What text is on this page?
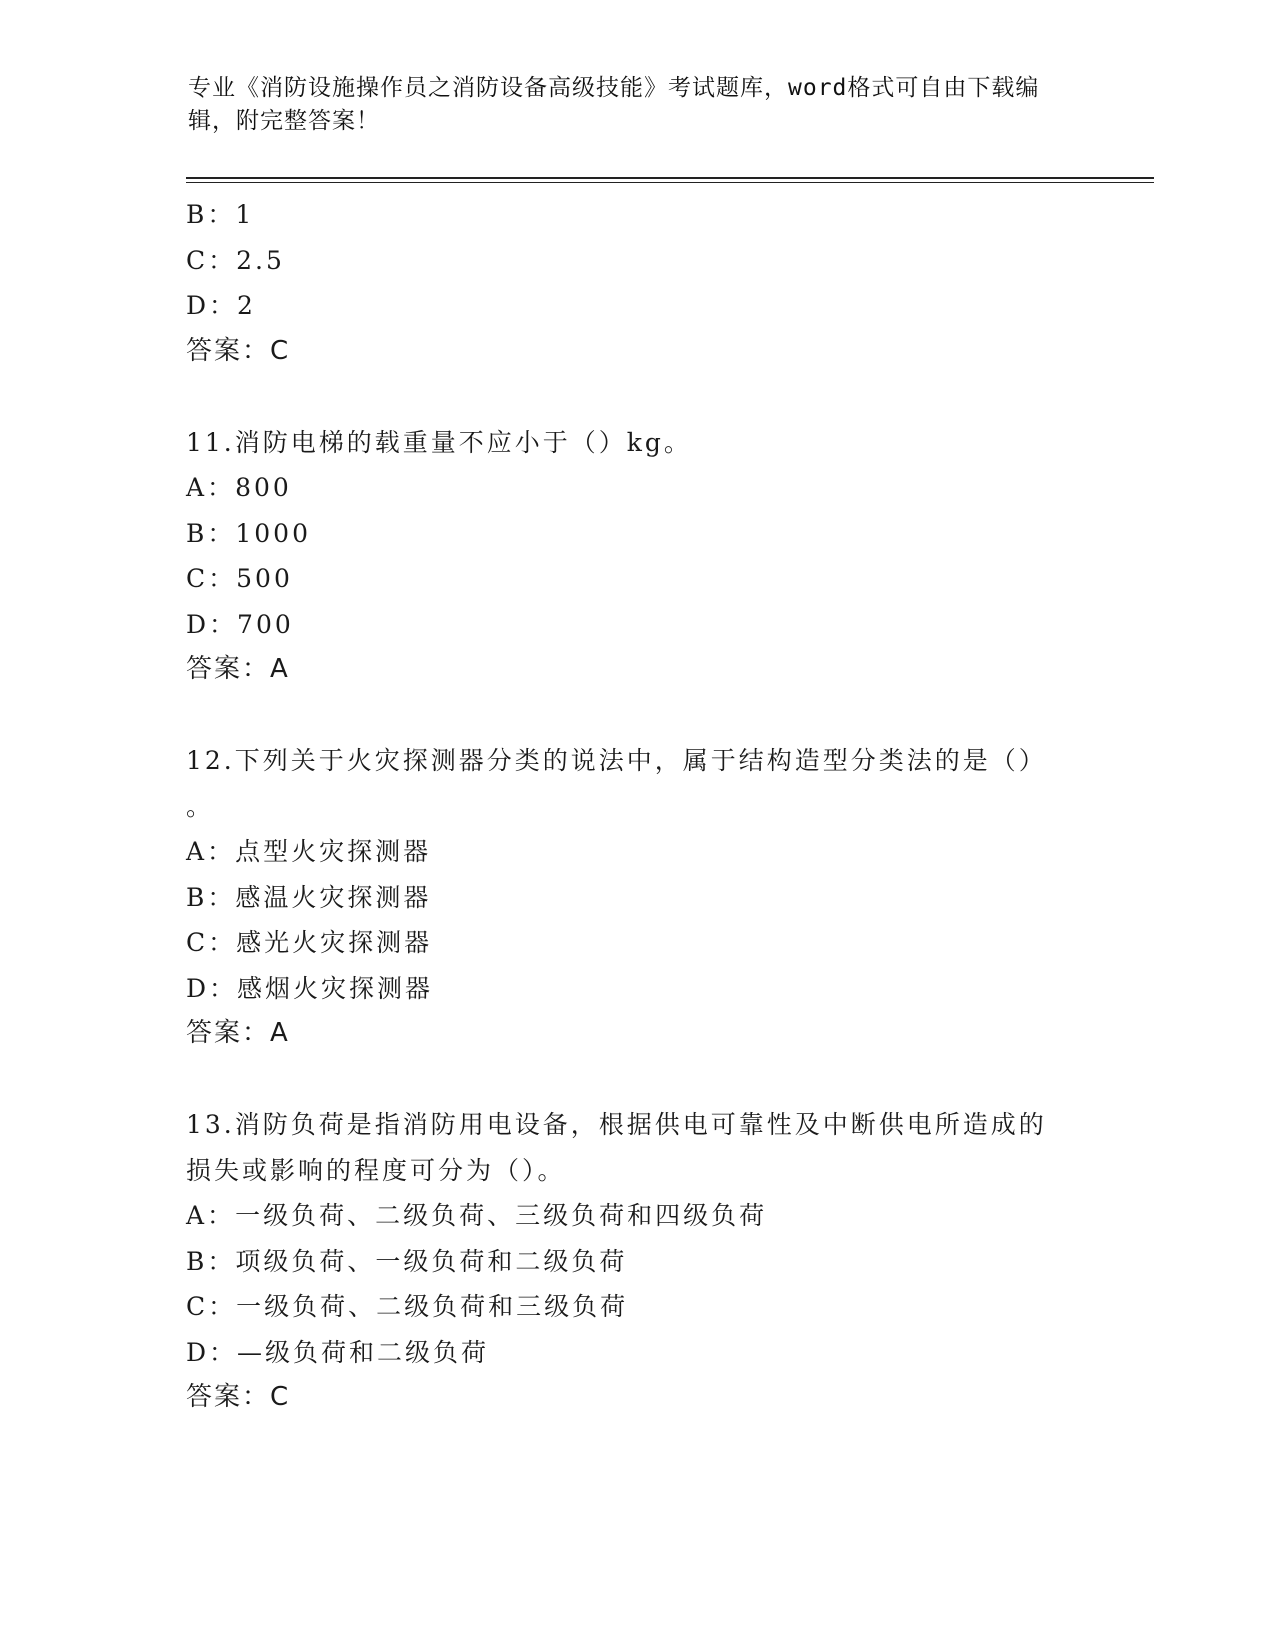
专业《消防设施操作员之消防设备高级技能》考试题库，word格式可自由下载编
辑，附完整答案！
B：1
C：2.5
D：2
答案：C
11.消防电梯的载重量不应小于（）kg。
A：800
B：1000
C：500
D：700
答案：A
12.下列关于火灾探测器分类的说法中，属于结构造型分类法的是（）
。
A：点型火灾探测器
B：感温火灾探测器
C：感光火灾探测器
D：感烟火灾探测器
答案：A
13.消防负荷是指消防用电设备，根据供电可靠性及中断供电所造成的
损失或影响的程度可分为（）。
A：一级负荷、二级负荷、三级负荷和四级负荷
B：项级负荷、一级负荷和二级负荷
C：一级负荷、二级负荷和三级负荷
D：—级负荷和二级负荷
答案：C
